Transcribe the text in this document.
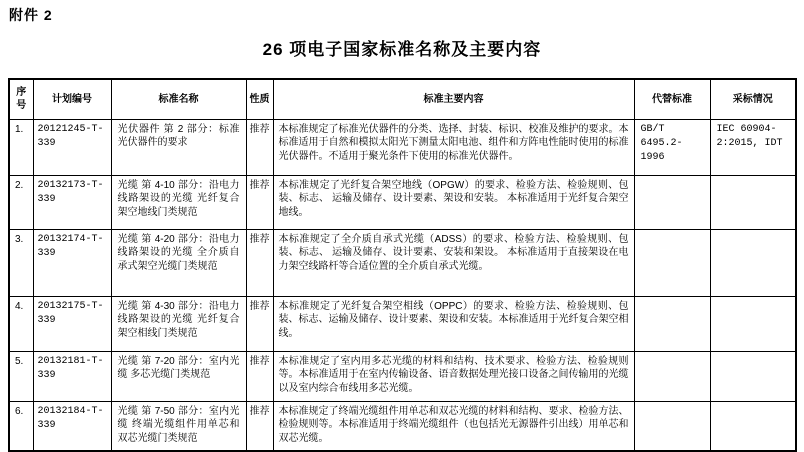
附件 2
26 项电子国家标准名称及主要内容
序号	计划编号	标准名称	性质	标准主要内容	代替标准	采标情况
1.	20121245-T-339	光伏器件 第 2 部分：标准光伏器件的要求	推荐	本标准规定了标准光伏器件的分类、选择、封装、标识、校准及维护的要求。本标准适用于自然和模拟太阳光下测量太阳电池、组件和方阵电性能时使用的标准光伏器件。不适用于聚光条件下使用的标准光伏器件。	GB/T 6495.2-1996	IEC 60904-2:2015, IDT
2.	20132173-T-339	光缆 第 4-10 部分：沿电力线路架设的光缆 光纤复合架空地线门类规范	推荐	本标准规定了光纤复合架空地线（OPGW）的要求、检验方法、检验规则、包装、标志、 运输及储存、设计要素、架设和安装。 本标准适用于光纤复合架空地线。		
3.	20132174-T-339	光缆 第 4-20 部分：沿电力线路架设的光缆 全介质自承式架空光缆门类规范	推荐	本标准规定了全介质自承式光缆（ADSS）的要求、检验方法、检验规则、包装、标志、 运输及储存、设计要素、安装和架设。 本标准适用于直接架设在电力架空线路杆等合适位置的全介质自承式光缆。		
4.	20132175-T-339	光缆 第 4-30 部分：沿电力线路架设的光缆 光纤复合架空相线门类规范	推荐	本标准规定了光纤复合架空相线（OPPC）的要求、检验方法、检验规则、包装、标志、运输及储存、设计要素、架设和安装。本标准适用于光纤复合架空相线。		
5.	20132181-T-339	光缆 第 7-20 部分：室内光缆 多芯光缆门类规范	推荐	本标准规定了室内用多芯光缆的材料和结构、技术要求、检验方法、检验规则等。本标准适用于在室内传输设备、语音数据处理光接口设备之间传输用的光缆以及室内综合布线用多芯光缆。		
6.	20132184-T-339	光缆 第 7-50 部分：室内光缆 终端光缆组件用单芯和双芯光缆门类规范	推荐	本标准规定了终端光缆组件用单芯和双芯光缆的材料和结构、要求、检验方法、检验规则等。本标准适用于终端光缆组件（也包括光无源器件引出线）用单芯和双芯光缆。		
